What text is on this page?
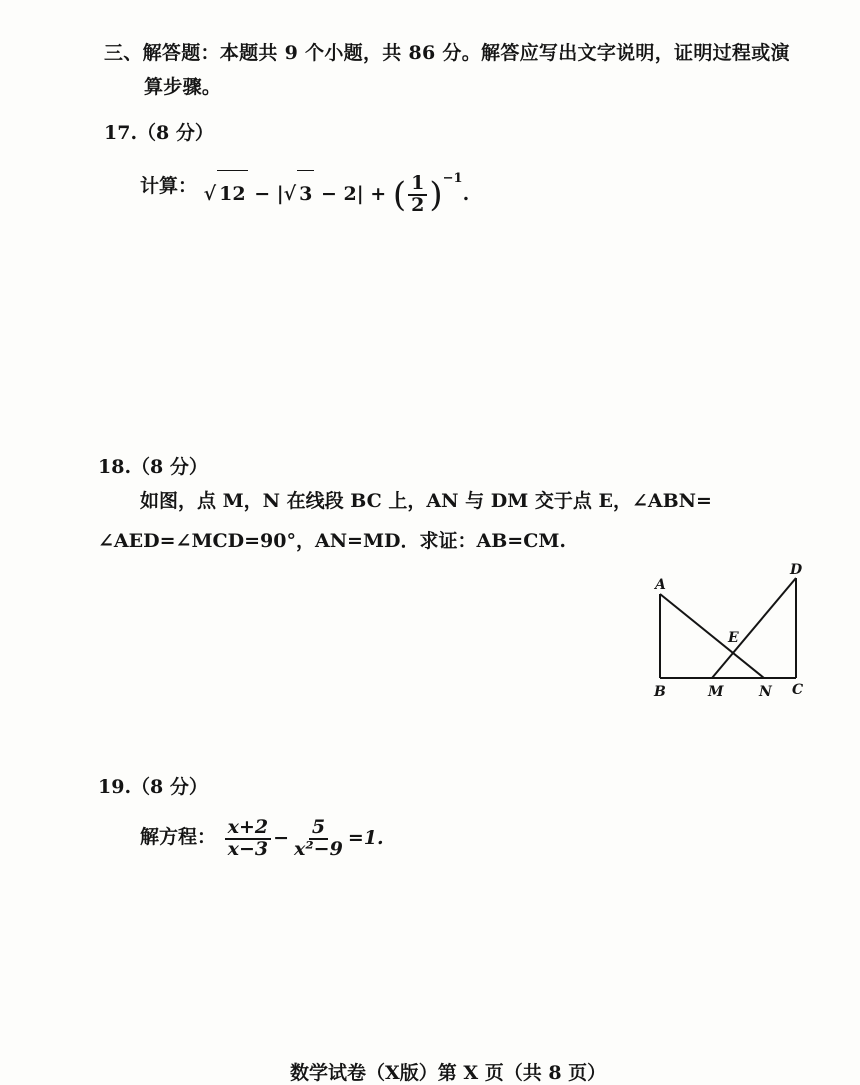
三、解答题：本题共 9 个小题，共 86 分。解答应写出文字说明，证明过程或演
算步骤。
17.（8 分）
计算： √ 12 − |√ 3 − 2| + ( $\frac{1}{2} )^{-1}$.
18.（8 分）
如图，点 M，N 在线段 BC 上，AN 与 DM 交于点 E，∠ABN=
∠AED=∠MCD=90°，AN=MD．求证：AB=CM.
A
B	M	N C
D
E
19.（8 分）
解方程： $\frac{x+2}{x-3} - \frac{5}{\text{x²−9}} =1$.
数学试卷（X版）第 X 页（共 8 页）
